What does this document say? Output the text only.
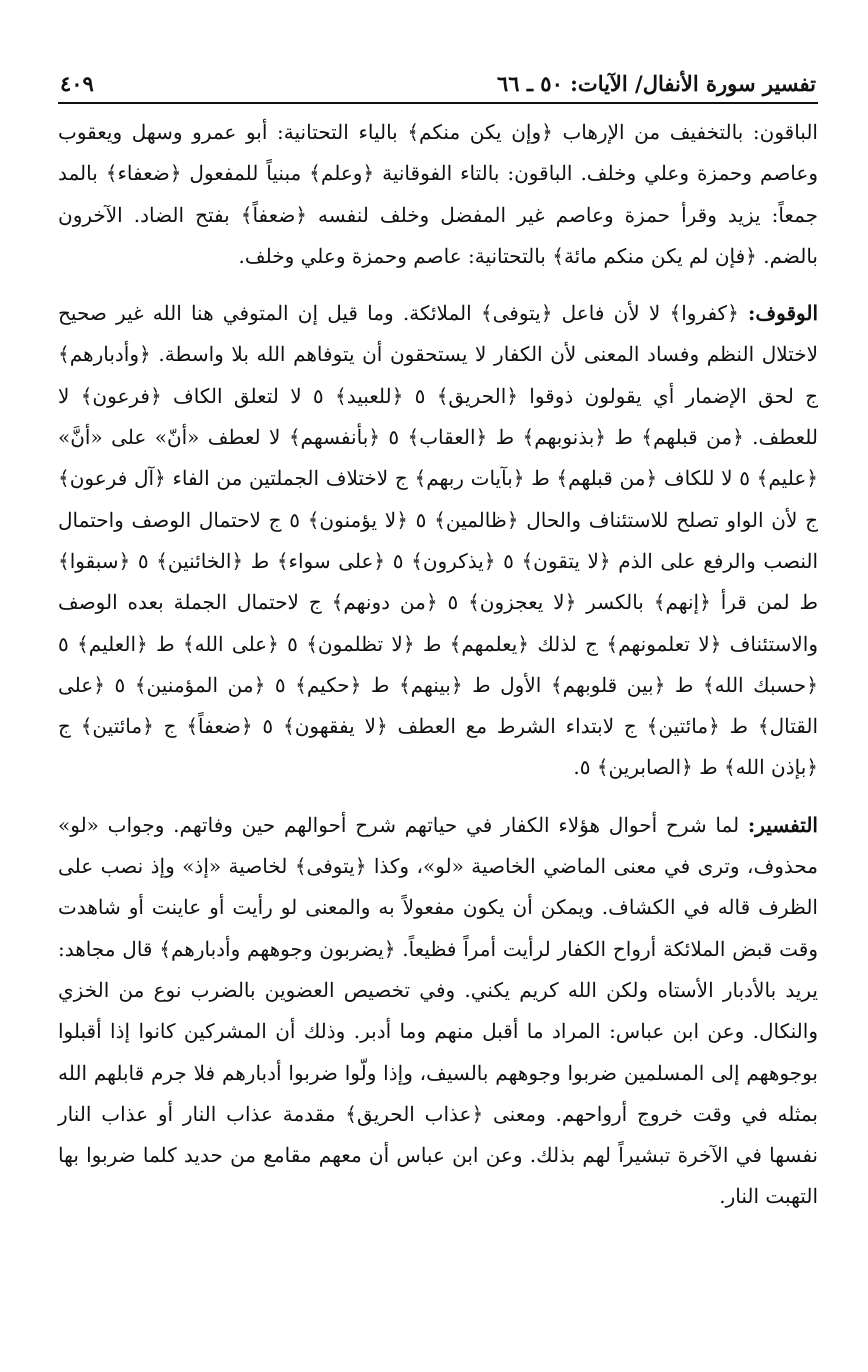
تفسير سورة الأنفال/ الآيات: ٥٠ ـ ٦٦
٤٠٩

الباقون: بالتخفيف من الإرهاب ﴿وإن يكن منكم﴾ بالياء التحتانية: أبو عمرو وسهل ويعقوب وعاصم وحمزة وعلي وخلف. الباقون: بالتاء الفوقانية ﴿وعلم﴾ مبنياً للمفعول ﴿ضعفاء﴾ بالمد جمعاً: يزيد وقرأ حمزة وعاصم غير المفضل وخلف لنفسه ﴿ضعفاً﴾ بفتح الضاد. الآخرون بالضم. ﴿فإن لم يكن منكم مائة﴾ بالتحتانية: عاصم وحمزة وعلي وخلف.

الوقوف: ﴿كفروا﴾ لا لأن فاعل ﴿يتوفى﴾ الملائكة. وما قيل إن المتوفي هنا الله غير صحيح لاختلال النظم وفساد المعنى لأن الكفار لا يستحقون أن يتوفاهم الله بلا واسطة. ﴿وأدبارهم﴾ ج لحق الإضمار أي يقولون ذوقوا ﴿الحريق﴾ ٥ ﴿للعبيد﴾ ٥ لا لتعلق الكاف ﴿فرعون﴾ لا للعطف. ﴿من قبلهم﴾ ط ﴿بذنوبهم﴾ ط ﴿العقاب﴾ ٥ ﴿بأنفسهم﴾ لا لعطف «أنّ» على «أنَّ» ﴿عليم﴾ ٥ لا للكاف ﴿من قبلهم﴾ ط ﴿بآيات ربهم﴾ ج لاختلاف الجملتين من الفاء ﴿آل فرعون﴾ ج لأن الواو تصلح للاستئناف والحال ﴿ظالمين﴾ ٥ ﴿لا يؤمنون﴾ ٥ ج لاحتمال الوصف واحتمال النصب والرفع على الذم ﴿لا يتقون﴾ ٥ ﴿يذكرون﴾ ٥ ﴿على سواء﴾ ط ﴿الخائنين﴾ ٥ ﴿سبقوا﴾ ط لمن قرأ ﴿إنهم﴾ بالكسر ﴿لا يعجزون﴾ ٥ ﴿من دونهم﴾ ج لاحتمال الجملة بعده الوصف والاستئناف ﴿لا تعلمونهم﴾ ج لذلك ﴿يعلمهم﴾ ط ﴿لا تظلمون﴾ ٥ ﴿على الله﴾ ط ﴿العليم﴾ ٥ ﴿حسبك الله﴾ ط ﴿بين قلوبهم﴾ الأول ط ﴿بينهم﴾ ط ﴿حكيم﴾ ٥ ﴿من المؤمنين﴾ ٥ ﴿على القتال﴾ ط ﴿مائتين﴾ ج لابتداء الشرط مع العطف ﴿لا يفقهون﴾ ٥ ﴿ضعفاً﴾ ج ﴿مائتين﴾ ج ﴿بإذن الله﴾ ط ﴿الصابرين﴾ ٥.

التفسير: لما شرح أحوال هؤلاء الكفار في حياتهم شرح أحوالهم حين وفاتهم. وجواب «لو» محذوف، وترى في معنى الماضي الخاصية «لو»، وكذا ﴿يتوفى﴾ لخاصية «إذ» وإذ نصب على الظرف قاله في الكشاف. ويمكن أن يكون مفعولاً به والمعنى لو رأيت أو عاينت أو شاهدت وقت قبض الملائكة أرواح الكفار لرأيت أمراً فظيعاً. ﴿يضربون وجوههم وأدبارهم﴾ قال مجاهد: يريد بالأدبار الأستاه ولكن الله كريم يكني. وفي تخصيص العضوين بالضرب نوع من الخزي والنكال. وعن ابن عباس: المراد ما أقبل منهم وما أدبر. وذلك أن المشركين كانوا إذا أقبلوا بوجوههم إلى المسلمين ضربوا وجوههم بالسيف، وإذا ولّوا ضربوا أدبارهم فلا جرم قابلهم الله بمثله في وقت خروج أرواحهم. ومعنى ﴿عذاب الحريق﴾ مقدمة عذاب النار أو عذاب النار نفسها في الآخرة تبشيراً لهم بذلك. وعن ابن عباس أن معهم مقامع من حديد كلما ضربوا بها التهبت النار.
